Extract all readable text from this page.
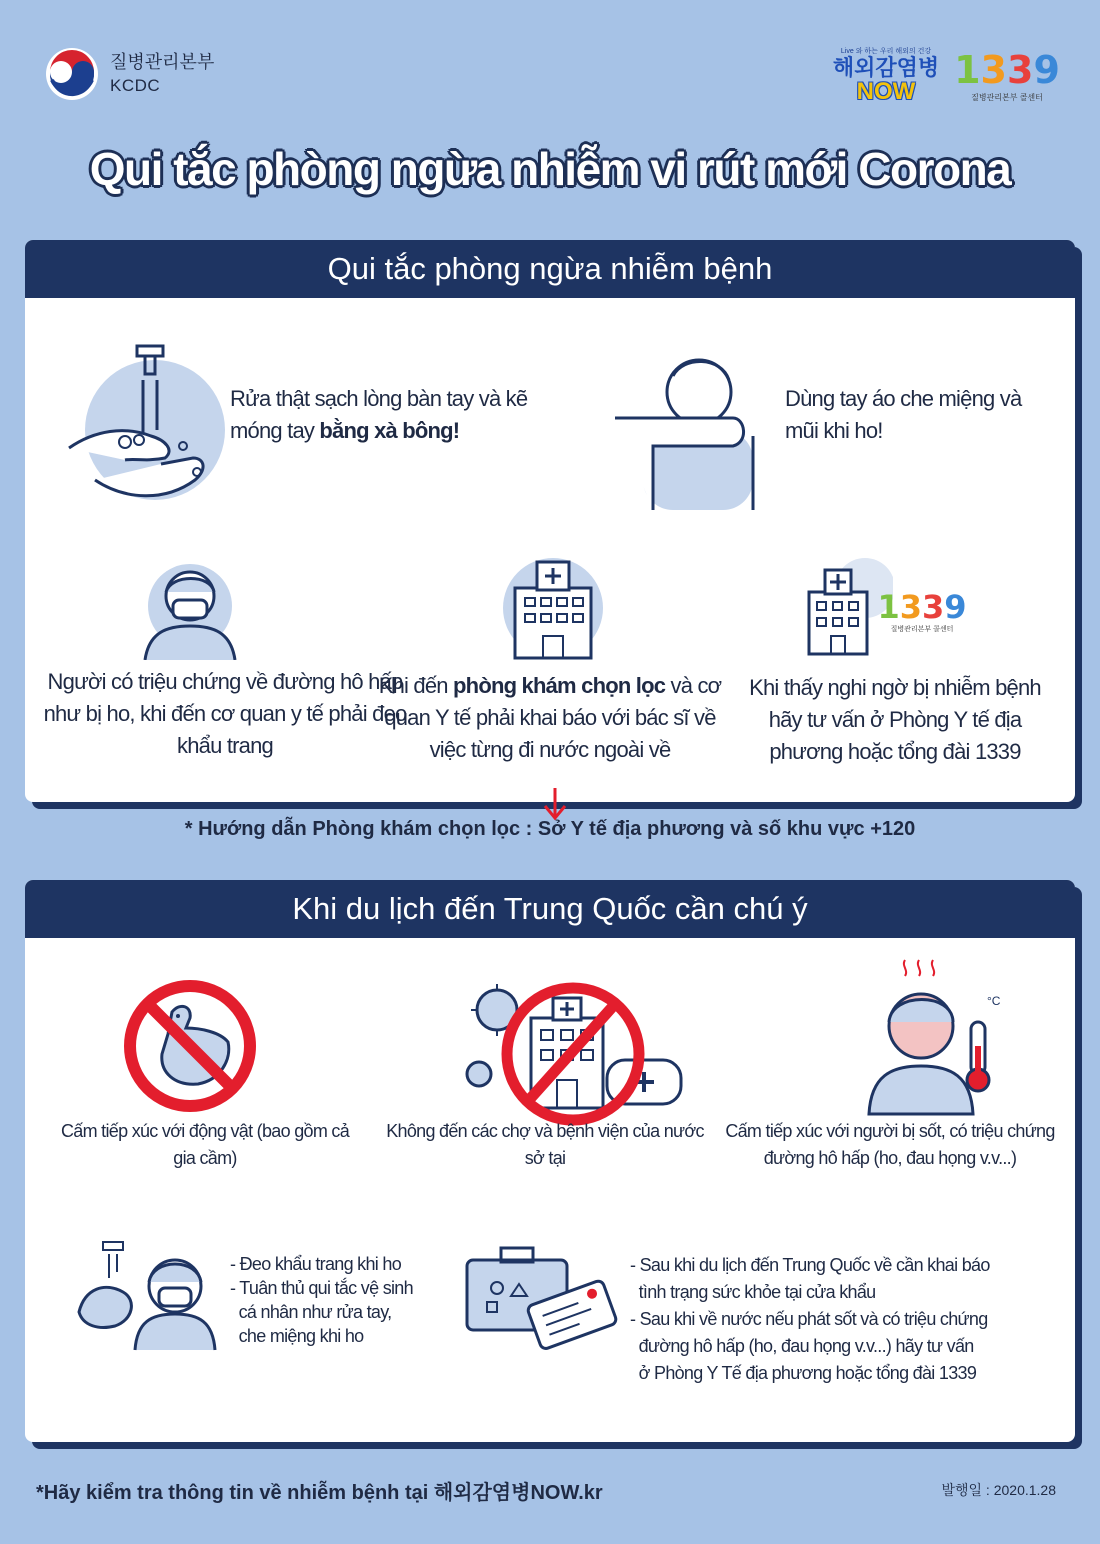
질병관리본부
KCDC
Live 와 하는 우리 해외의 건강
해외감염병
NOW	1339
질병관리본부 콜센터
Qui tắc phòng ngừa nhiễm vi rút mới Corona
Qui tắc phòng ngừa nhiễm bệnh
Rửa thật sạch lòng bàn tay và kẽ móng tay bằng xà bông!
Dùng tay áo che miệng và mũi khi ho!
Người có triệu chứng về đường hô hấp như bị ho, khi đến cơ quan y tế phải đeo khẩu trang
Khi đến phòng khám chọn lọc và cơ quan Y tế phải khai báo với bác sĩ về việc từng đi nước ngoài về
1339
질병관리본부 콜센터
Khi thấy nghi ngờ bị nhiễm bệnh hãy tư vấn ở Phòng Y tế địa phương hoặc tổng đài 1339
* Hướng dẫn Phòng khám chọn lọc : Sở Y tế địa phương và số khu vực +120
Khi du lịch đến Trung Quốc cần chú ý
Cấm tiếp xúc với động vật (bao gồm cả gia cầm)
Không đến các chợ và bệnh viện của nước sở tại
°C
Cấm tiếp xúc với người bị sốt, có triệu chứng đường hô hấp (ho, đau họng v.v...)
- Đeo khẩu trang khi ho
- Tuân thủ qui tắc vệ sinh
cá nhân như rửa tay,
che miệng khi ho
- Sau khi du lịch đến Trung Quốc về cần khai báo
tình trạng sức khỏe tại cửa khẩu
- Sau khi về nước nếu phát sốt và có triệu chứng
đường hô hấp (ho, đau họng v.v...) hãy tư vấn
ở Phòng Y Tế địa phương hoặc tổng đài 1339
*Hãy kiểm tra thông tin về nhiễm bệnh tại 해외감염병NOW.kr	발행일 : 2020.1.28
